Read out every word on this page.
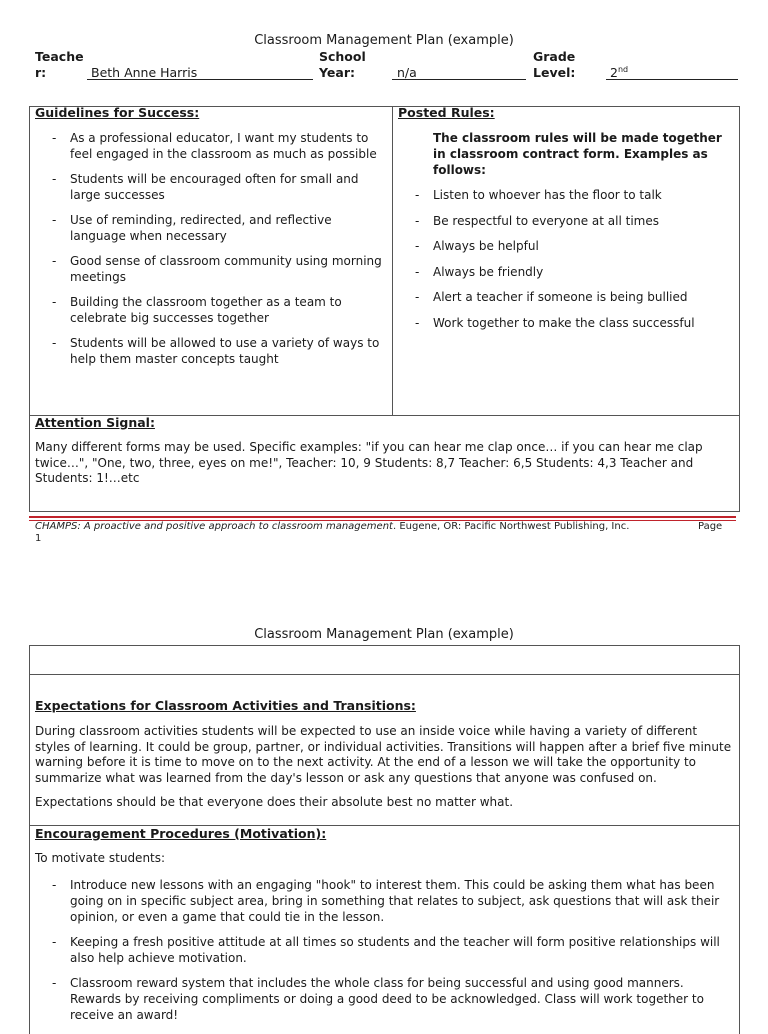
Classroom Management Plan (example)
Teache
r:	Beth Anne Harris
School
Year:	n/a
Grade
Level:	2nd
Guidelines for Success:
- As a professional educator, I want my students to feel engaged in the classroom as much as possible
- Students will be encouraged often for small and large successes
- Use of reminding, redirected, and reflective language when necessary
- Good sense of classroom community using morning meetings
- Building the classroom together as a team to celebrate big successes together
- Students will be allowed to use a variety of ways to help them master concepts taught
Posted Rules:
The classroom rules will be made together in classroom contract form. Examples as follows:
- Listen to whoever has the floor to talk
- Be respectful to everyone at all times
- Always be helpful
- Always be friendly
- Alert a teacher if someone is being bullied
- Work together to make the class successful
Attention Signal:

Many different forms may be used. Specific examples: "if you can hear me clap once… if you can hear me clap twice…", "One, two, three, eyes on me!", Teacher: 10, 9 Students: 8,7 Teacher: 6,5 Students: 4,3 Teacher and Students: 1!…etc

CHAMPS: A proactive and positive approach to classroom management. Eugene, OR: Pacific Northwest Publishing, Inc.	Page
1
Classroom Management Plan (example)
Expectations for Classroom Activities and Transitions:

During classroom activities students will be expected to use an inside voice while having a variety of different styles of learning. It could be group, partner, or individual activities. Transitions will happen after a brief five minute warning before it is time to move on to the next activity. At the end of a lesson we will take the opportunity to summarize what was learned from the day's lesson or ask any questions that anyone was confused on.

Expectations should be that everyone does their absolute best no matter what.

Encouragement Procedures (Motivation):

To motivate students:

- Introduce new lessons with an engaging "hook" to interest them. This could be asking them what has been going on in specific subject area, bring in something that relates to subject, ask questions that will ask their opinion, or even a game that could tie in the lesson.
- Keeping a fresh positive attitude at all times so students and the teacher will form positive relationships will also help achieve motivation.
- Classroom reward system that includes the whole class for being successful and using good manners. Rewards by receiving compliments or doing a good deed to be acknowledged. Class will work together to receive an award!
